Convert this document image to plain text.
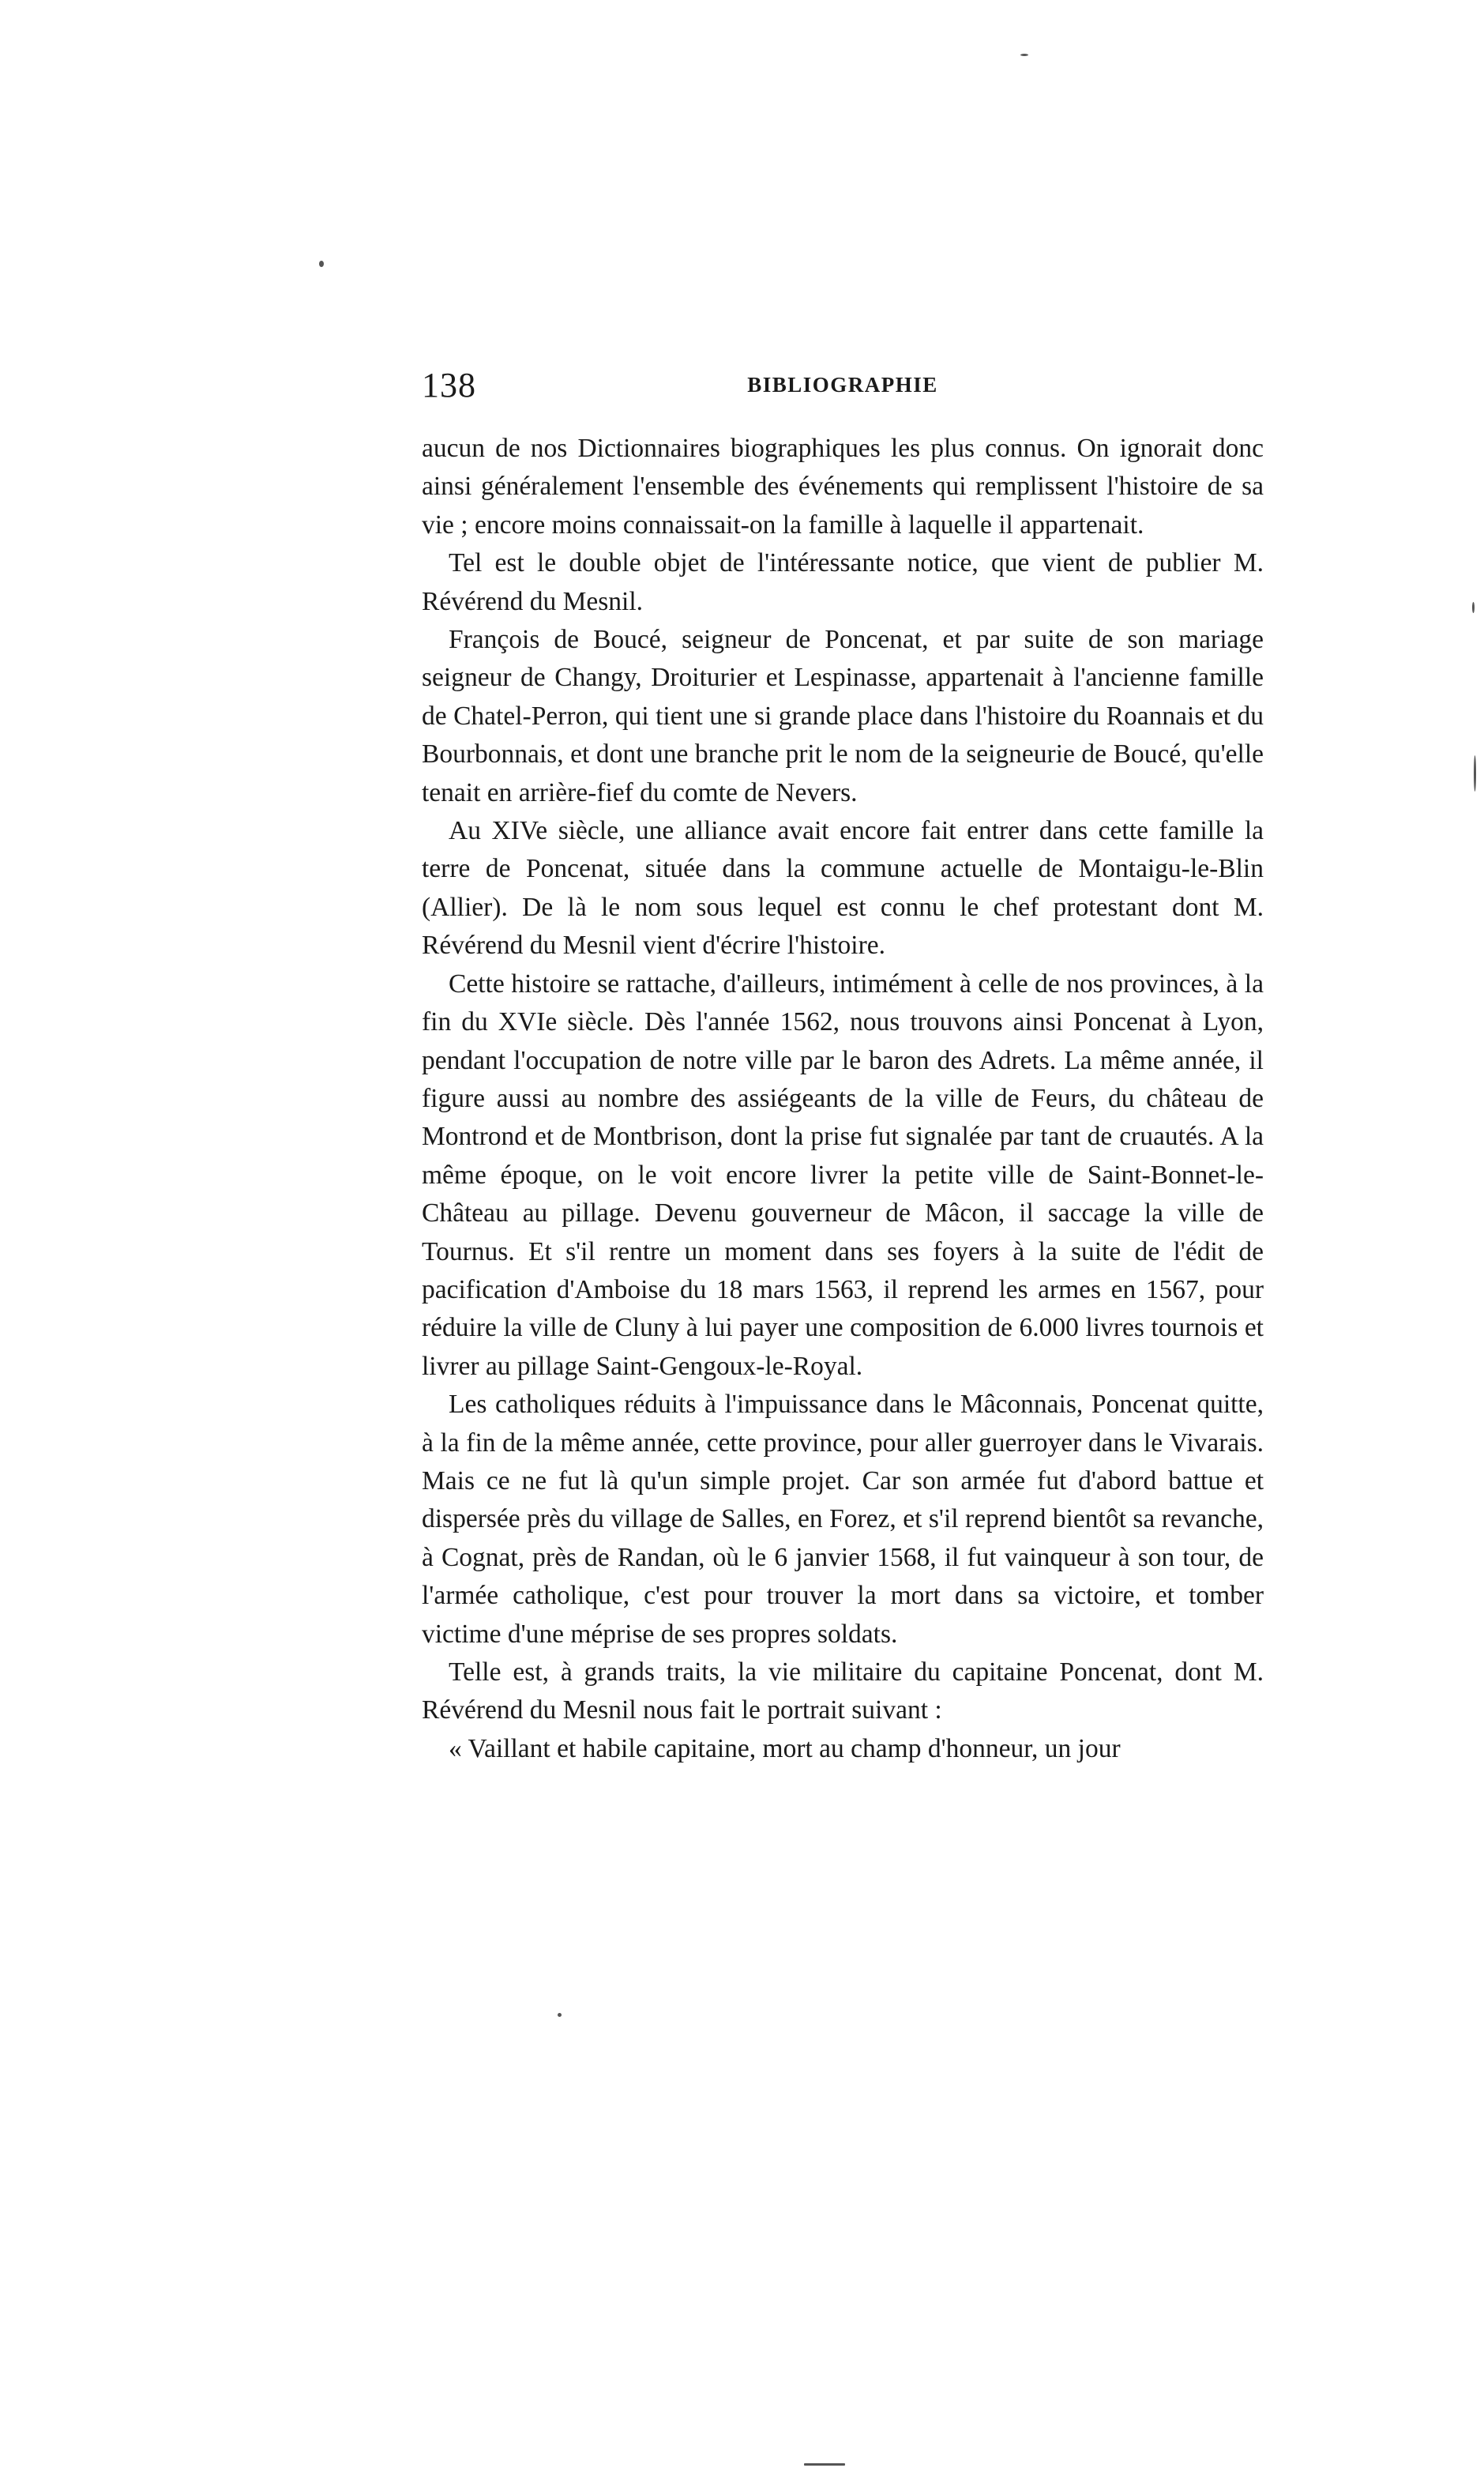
138	BIBLIOGRAPHIE

aucun de nos Dictionnaires biographiques les plus connus. On ignorait donc ainsi généralement l'ensemble des événements qui remplissent l'histoire de sa vie ; encore moins connaissait-on la famille à laquelle il appartenait.

Tel est le double objet de l'intéressante notice, que vient de publier M. Révérend du Mesnil.

François de Boucé, seigneur de Poncenat, et par suite de son mariage seigneur de Changy, Droiturier et Lespinasse, appartenait à l'ancienne famille de Chatel-Perron, qui tient une si grande place dans l'histoire du Roannais et du Bourbonnais, et dont une branche prit le nom de la seigneurie de Boucé, qu'elle tenait en arrière-fief du comte de Nevers.

Au XIVe siècle, une alliance avait encore fait entrer dans cette famille la terre de Poncenat, située dans la commune actuelle de Montaigu-le-Blin (Allier). De là le nom sous lequel est connu le chef protestant dont M. Révérend du Mesnil vient d'écrire l'histoire.

Cette histoire se rattache, d'ailleurs, intimément à celle de nos provinces, à la fin du XVIe siècle. Dès l'année 1562, nous trouvons ainsi Poncenat à Lyon, pendant l'occupation de notre ville par le baron des Adrets. La même année, il figure aussi au nombre des assiégeants de la ville de Feurs, du château de Montrond et de Montbrison, dont la prise fut signalée par tant de cruautés. A la même époque, on le voit encore livrer la petite ville de Saint-Bonnet-le-Château au pillage. Devenu gouverneur de Mâcon, il saccage la ville de Tournus. Et s'il rentre un moment dans ses foyers à la suite de l'édit de pacification d'Amboise du 18 mars 1563, il reprend les armes en 1567, pour réduire la ville de Cluny à lui payer une composition de 6.000 livres tournois et livrer au pillage Saint-Gengoux-le-Royal.

Les catholiques réduits à l'impuissance dans le Mâconnais, Poncenat quitte, à la fin de la même année, cette province, pour aller guerroyer dans le Vivarais. Mais ce ne fut là qu'un simple projet. Car son armée fut d'abord battue et dispersée près du village de Salles, en Forez, et s'il reprend bientôt sa revanche, à Cognat, près de Randan, où le 6 janvier 1568, il fut vainqueur à son tour, de l'armée catholique, c'est pour trouver la mort dans sa victoire, et tomber victime d'une méprise de ses propres soldats.

Telle est, à grands traits, la vie militaire du capitaine Poncenat, dont M. Révérend du Mesnil nous fait le portrait suivant :

« Vaillant et habile capitaine, mort au champ d'honneur, un jour
